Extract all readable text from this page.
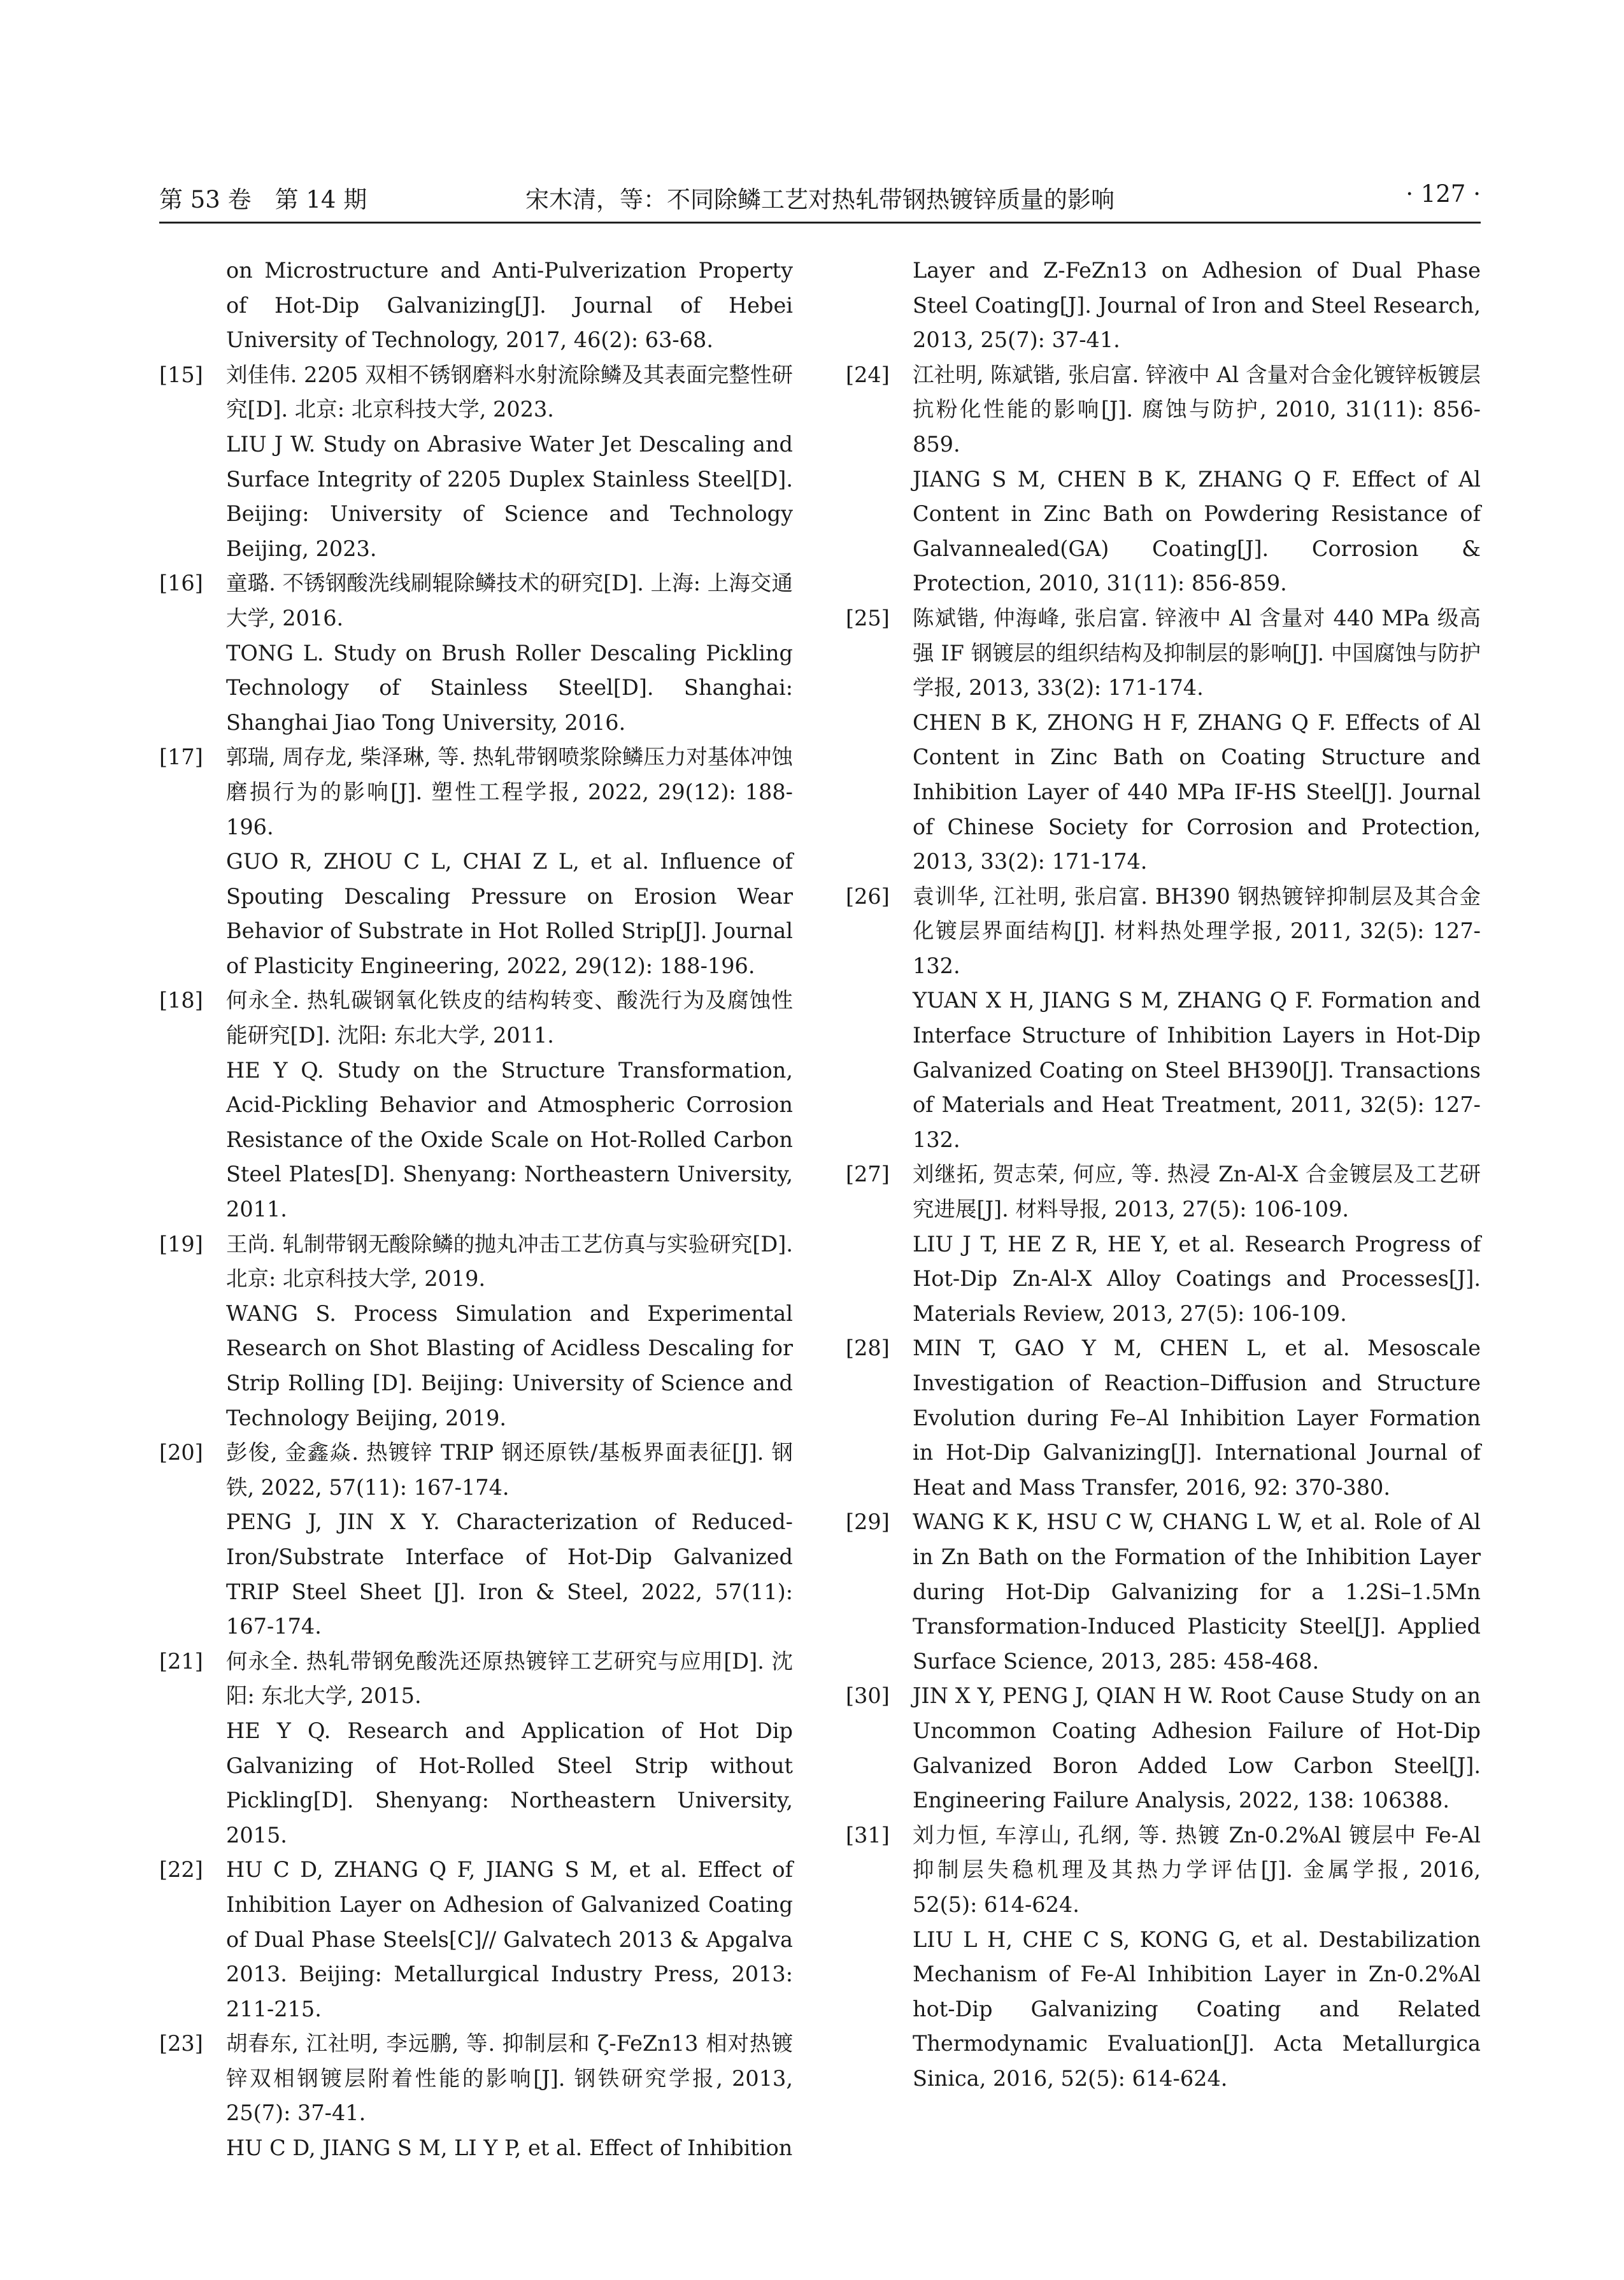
第 53 卷　第 14 期	宋木清，等：不同除鳞工艺对热轧带钢热镀锌质量的影响	· 127 ·
on Microstructure and Anti-Pulverization Property of Hot-Dip Galvanizing[J]. Journal of Hebei University of Technology, 2017, 46(2): 63-68.
[15]	刘佳伟. 2205 双相不锈钢磨料水射流除鳞及其表面完整性研究[D]. 北京: 北京科技大学, 2023.
LIU J W. Study on Abrasive Water Jet Descaling and Surface Integrity of 2205 Duplex Stainless Steel[D]. Beijing: University of Science and Technology Beijing, 2023.
[16]	童璐. 不锈钢酸洗线刷辊除鳞技术的研究[D]. 上海: 上海交通大学, 2016.
TONG L. Study on Brush Roller Descaling Pickling Technology of Stainless Steel[D]. Shanghai: Shanghai Jiao Tong University, 2016.
[17]	郭瑞, 周存龙, 柴泽琳, 等. 热轧带钢喷浆除鳞压力对基体冲蚀磨损行为的影响[J]. 塑性工程学报, 2022, 29(12): 188-196.
GUO R, ZHOU C L, CHAI Z L, et al. Influence of Spouting Descaling Pressure on Erosion Wear Behavior of Substrate in Hot Rolled Strip[J]. Journal of Plasticity Engineering, 2022, 29(12): 188-196.
[18]	何永全. 热轧碳钢氧化铁皮的结构转变、酸洗行为及腐蚀性能研究[D]. 沈阳: 东北大学, 2011.
HE Y Q. Study on the Structure Transformation, Acid-Pickling Behavior and Atmospheric Corrosion Resistance of the Oxide Scale on Hot-Rolled Carbon Steel Plates[D]. Shenyang: Northeastern University, 2011.
[19]	王尚. 轧制带钢无酸除鳞的抛丸冲击工艺仿真与实验研究[D]. 北京: 北京科技大学, 2019.
WANG S. Process Simulation and Experimental Research on Shot Blasting of Acidless Descaling for Strip Rolling [D]. Beijing: University of Science and Technology Beijing, 2019.
[20]	彭俊, 金鑫焱. 热镀锌 TRIP 钢还原铁/基板界面表征[J]. 钢铁, 2022, 57(11): 167-174.
PENG J, JIN X Y. Characterization of Reduced-Iron/Substrate Interface of Hot-Dip Galvanized TRIP Steel Sheet [J]. Iron & Steel, 2022, 57(11): 167-174.
[21]	何永全. 热轧带钢免酸洗还原热镀锌工艺研究与应用[D]. 沈阳: 东北大学, 2015.
HE Y Q. Research and Application of Hot Dip Galvanizing of Hot-Rolled Steel Strip without Pickling[D]. Shenyang: Northeastern University, 2015.
[22]	HU C D, ZHANG Q F, JIANG S M, et al. Effect of Inhibition Layer on Adhesion of Galvanized Coating of Dual Phase Steels[C]// Galvatech 2013 & Apgalva 2013. Beijing: Metallurgical Industry Press, 2013: 211-215.
[23]	胡春东, 江社明, 李远鹏, 等. 抑制层和 ζ-FeZn13 相对热镀锌双相钢镀层附着性能的影响[J]. 钢铁研究学报, 2013, 25(7): 37-41.
HU C D, JIANG S M, LI Y P, et al. Effect of Inhibition
Layer and Z-FeZn13 on Adhesion of Dual Phase Steel Coating[J]. Journal of Iron and Steel Research, 2013, 25(7): 37-41.
[24]	江社明, 陈斌锴, 张启富. 锌液中 Al 含量对合金化镀锌板镀层抗粉化性能的影响[J]. 腐蚀与防护, 2010, 31(11): 856-859.
JIANG S M, CHEN B K, ZHANG Q F. Effect of Al Content in Zinc Bath on Powdering Resistance of Galvannealed(GA) Coating[J]. Corrosion & Protection, 2010, 31(11): 856-859.
[25]	陈斌锴, 仲海峰, 张启富. 锌液中 Al 含量对 440 MPa 级高强 IF 钢镀层的组织结构及抑制层的影响[J]. 中国腐蚀与防护学报, 2013, 33(2): 171-174.
CHEN B K, ZHONG H F, ZHANG Q F. Effects of Al Content in Zinc Bath on Coating Structure and Inhibition Layer of 440 MPa IF-HS Steel[J]. Journal of Chinese Society for Corrosion and Protection, 2013, 33(2): 171-174.
[26]	袁训华, 江社明, 张启富. BH390 钢热镀锌抑制层及其合金化镀层界面结构[J]. 材料热处理学报, 2011, 32(5): 127-132.
YUAN X H, JIANG S M, ZHANG Q F. Formation and Interface Structure of Inhibition Layers in Hot-Dip Galvanized Coating on Steel BH390[J]. Transactions of Materials and Heat Treatment, 2011, 32(5): 127-132.
[27]	刘继拓, 贺志荣, 何应, 等. 热浸 Zn-Al-X 合金镀层及工艺研究进展[J]. 材料导报, 2013, 27(5): 106-109.
LIU J T, HE Z R, HE Y, et al. Research Progress of Hot-Dip Zn-Al-X Alloy Coatings and Processes[J]. Materials Review, 2013, 27(5): 106-109.
[28]	MIN T, GAO Y M, CHEN L, et al. Mesoscale Investigation of Reaction–Diffusion and Structure Evolution during Fe–Al Inhibition Layer Formation in Hot-Dip Galvanizing[J]. International Journal of Heat and Mass Transfer, 2016, 92: 370-380.
[29]	WANG K K, HSU C W, CHANG L W, et al. Role of Al in Zn Bath on the Formation of the Inhibition Layer during Hot-Dip Galvanizing for a 1.2Si–1.5Mn Transformation-Induced Plasticity Steel[J]. Applied Surface Science, 2013, 285: 458-468.
[30]	JIN X Y, PENG J, QIAN H W. Root Cause Study on an Uncommon Coating Adhesion Failure of Hot-Dip Galvanized Boron Added Low Carbon Steel[J]. Engineering Failure Analysis, 2022, 138: 106388.
[31]	刘力恒, 车淳山, 孔纲, 等. 热镀 Zn-0.2%Al 镀层中 Fe-Al 抑制层失稳机理及其热力学评估[J]. 金属学报, 2016, 52(5): 614-624.
LIU L H, CHE C S, KONG G, et al. Destabilization Mechanism of Fe-Al Inhibition Layer in Zn-0.2%Al hot-Dip Galvanizing Coating and Related Thermodynamic Evaluation[J]. Acta Metallurgica Sinica, 2016, 52(5): 614-624.
